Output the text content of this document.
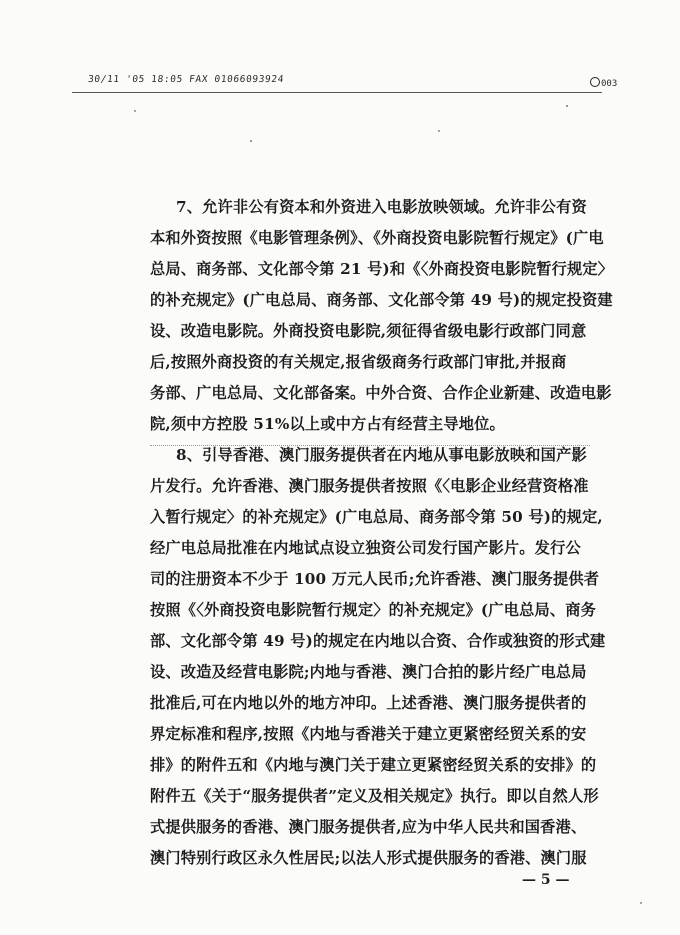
30/11 '05 18:05 FAX 01066093924	003
7、允许非公有资本和外资进入电影放映领域。允许非公有资
本和外资按照《电影管理条例》、《外商投资电影院暂行规定》(广电
总局、商务部、文化部令第 21 号)和《〈外商投资电影院暂行规定〉
的补充规定》(广电总局、商务部、文化部令第 49 号)的规定投资建
设、改造电影院。外商投资电影院,须征得省级电影行政部门同意
后,按照外商投资的有关规定,报省级商务行政部门审批,并报商
务部、广电总局、文化部备案。中外合资、合作企业新建、改造电影
院,须中方控股 51%以上或中方占有经营主导地位。
8、引导香港、澳门服务提供者在内地从事电影放映和国产影
片发行。允许香港、澳门服务提供者按照《〈电影企业经营资格准
入暂行规定〉的补充规定》(广电总局、商务部令第 50 号)的规定,
经广电总局批准在内地试点设立独资公司发行国产影片。发行公
司的注册资本不少于 100 万元人民币;允许香港、澳门服务提供者
按照《〈外商投资电影院暂行规定〉的补充规定》(广电总局、商务
部、文化部令第 49 号)的规定在内地以合资、合作或独资的形式建
设、改造及经营电影院;内地与香港、澳门合拍的影片经广电总局
批准后,可在内地以外的地方冲印。上述香港、澳门服务提供者的
界定标准和程序,按照《内地与香港关于建立更紧密经贸关系的安
排》的附件五和《内地与澳门关于建立更紧密经贸关系的安排》的
附件五《关于“服务提供者”定义及相关规定》执行。即以自然人形
式提供服务的香港、澳门服务提供者,应为中华人民共和国香港、
澳门特别行政区永久性居民;以法人形式提供服务的香港、澳门服
— 5 —
